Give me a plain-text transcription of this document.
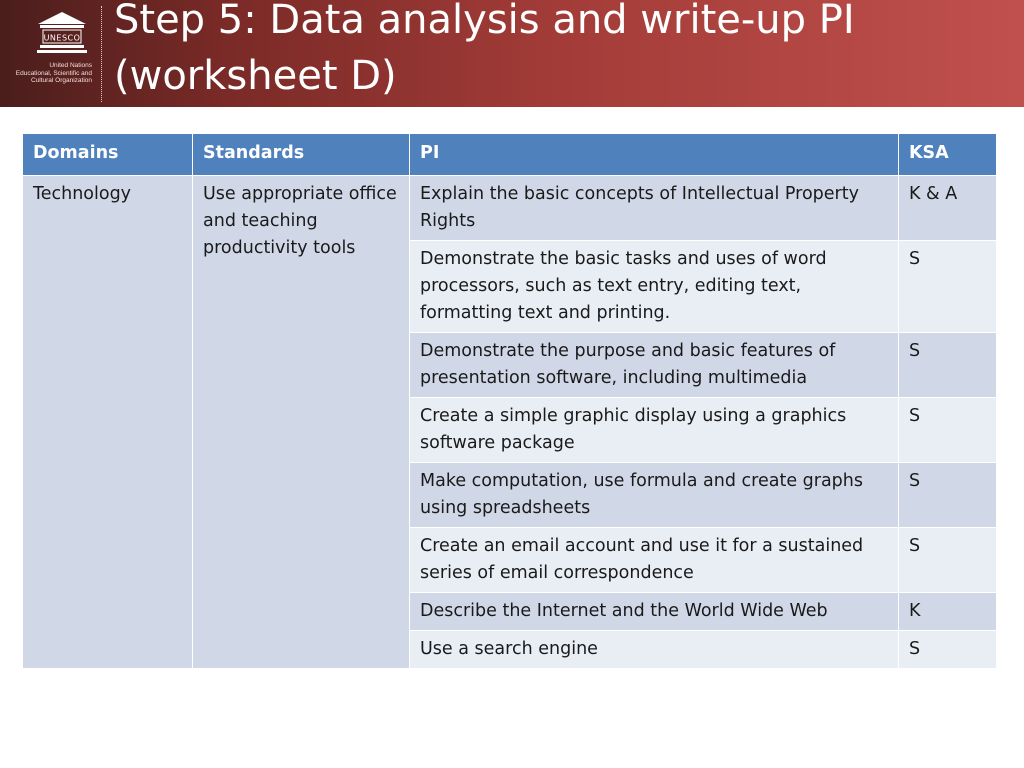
UNESCO
United Nations
Educational, Scientific and
Cultural Organization
Step 5: Data analysis and write-up PI
(worksheet D)
Domains	Standards	PI	KSA
Technology	Use appropriate office and teaching productivity tools	Explain the basic concepts of Intellectual Property Rights	K & A
		Demonstrate the basic tasks and uses of word processors, such as text entry, editing text, formatting text and printing.	S
		Demonstrate the purpose and basic features of presentation software, including multimedia	S
		Create a simple graphic display using a graphics software package	S
		Make computation, use formula and create graphs using spreadsheets	S
		Create an email account and use it for a sustained series of email correspondence	S
		Describe the Internet and the World Wide Web	K
		Use a search engine	S
